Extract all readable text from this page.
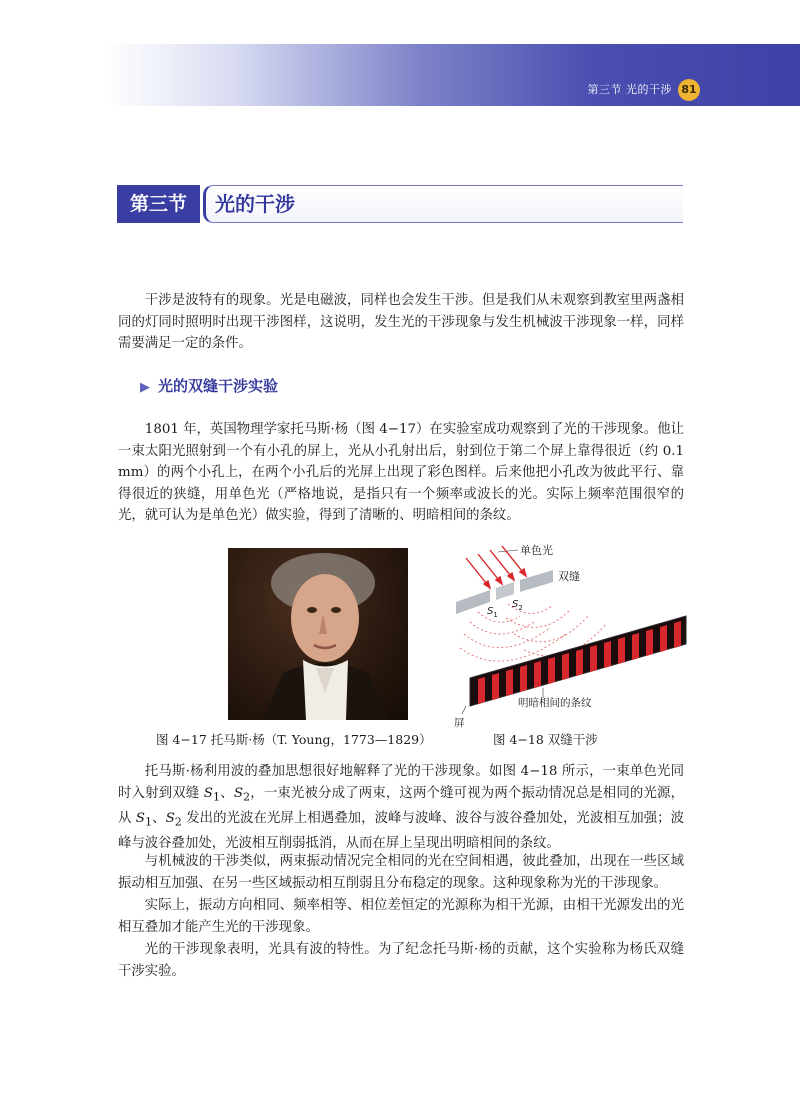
第三节 光的干涉 81
第三节	光的干涉

干涉是波特有的现象。光是电磁波，同样也会发生干涉。但是我们从未观察到教室里两盏相同的灯同时照明时出现干涉图样，这说明，发生光的干涉现象与发生机械波干涉现象一样，同样需要满足一定的条件。

▶ 光的双缝干涉实验

1801 年，英国物理学家托马斯·杨（图 4−17）在实验室成功观察到了光的干涉现象。他让一束太阳光照射到一个有小孔的屏上，光从小孔射出后，射到位于第二个屏上靠得很近（约 0.1 mm）的两个小孔上，在两个小孔后的光屏上出现了彩色图样。后来他把小孔改为彼此平行、靠得很近的狭缝，用单色光（严格地说，是指只有一个频率或波长的光。实际上频率范围很窄的光，就可认为是单色光）做实验，得到了清晰的、明暗相间的条纹。

图 4−17 托马斯·杨（T. Young，1773—1829）
单色光
双缝
$S_1$
$S_2$
明暗相间的条纹
屏
图 4−18 双缝干涉

托马斯·杨利用波的叠加思想很好地解释了光的干涉现象。如图 4−18 所示，一束单色光同时入射到双缝 $S_1$、$S_2$，一束光被分成了两束，这两个缝可视为两个振动情况总是相同的光源，从 $S_1$、$S_2$ 发出的光波在光屏上相遇叠加，波峰与波峰、波谷与波谷叠加处，光波相互加强；波峰与波谷叠加处，光波相互削弱抵消，从而在屏上呈现出明暗相间的条纹。

与机械波的干涉类似，两束振动情况完全相同的光在空间相遇，彼此叠加，出现在一些区域振动相互加强、在另一些区域振动相互削弱且分布稳定的现象。这种现象称为光的干涉现象。

实际上，振动方向相同、频率相等、相位差恒定的光源称为相干光源，由相干光源发出的光相互叠加才能产生光的干涉现象。

光的干涉现象表明，光具有波的特性。为了纪念托马斯·杨的贡献，这个实验称为杨氏双缝干涉实验。
